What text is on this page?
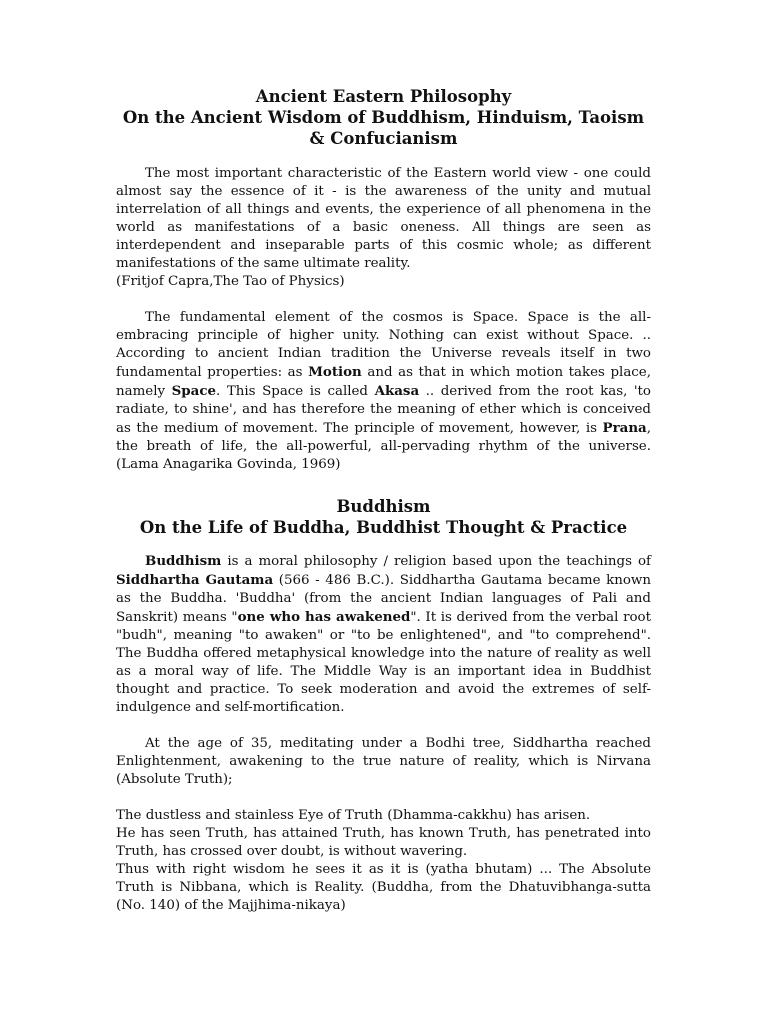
Ancient Eastern Philosophy
On the Ancient Wisdom of Buddhism, Hinduism, Taoism
& Confucianism

The most important characteristic of the Eastern world view - one could almost say the essence of it - is the awareness of the unity and mutual interrelation of all things and events, the experience of all phenomena in the world as manifestations of a basic oneness. All things are seen as interdependent and inseparable parts of this cosmic whole; as different manifestations of the same ultimate reality.

(Fritjof Capra,The Tao of Physics)

The fundamental element of the cosmos is Space. Space is the all-embracing principle of higher unity. Nothing can exist without Space. .. According to ancient Indian tradition the Universe reveals itself in two fundamental properties: as Motion and as that in which motion takes place, namely Space. This Space is called Akasa .. derived from the root kas, 'to radiate, to shine', and has therefore the meaning of ether which is conceived as the medium of movement. The principle of movement, however, is Prana, the breath of life, the all-powerful, all-pervading rhythm of the universe. (Lama Anagarika Govinda, 1969)

Buddhism
On the Life of Buddha, Buddhist Thought & Practice

Buddhism is a moral philosophy / religion based upon the teachings of Siddhartha Gautama (566 - 486 B.C.). Siddhartha Gautama became known as the Buddha. 'Buddha' (from the ancient Indian languages of Pali and Sanskrit) means "one who has awakened". It is derived from the verbal root "budh", meaning "to awaken" or "to be enlightened", and "to comprehend". The Buddha offered metaphysical knowledge into the nature of reality as well as a moral way of life. The Middle Way is an important idea in Buddhist thought and practice. To seek moderation and avoid the extremes of self-indulgence and self-mortification.

At the age of 35, meditating under a Bodhi tree, Siddhartha reached Enlightenment, awakening to the true nature of reality, which is Nirvana (Absolute Truth);

The dustless and stainless Eye of Truth (Dhamma-cakkhu) has arisen.

He has seen Truth, has attained Truth, has known Truth, has penetrated into Truth, has crossed over doubt, is without wavering.

Thus with right wisdom he sees it as it is (yatha bhutam) ... The Absolute Truth is Nibbana, which is Reality. (Buddha, from the Dhatuvibhanga-sutta (No. 140) of the Majjhima-nikaya)
